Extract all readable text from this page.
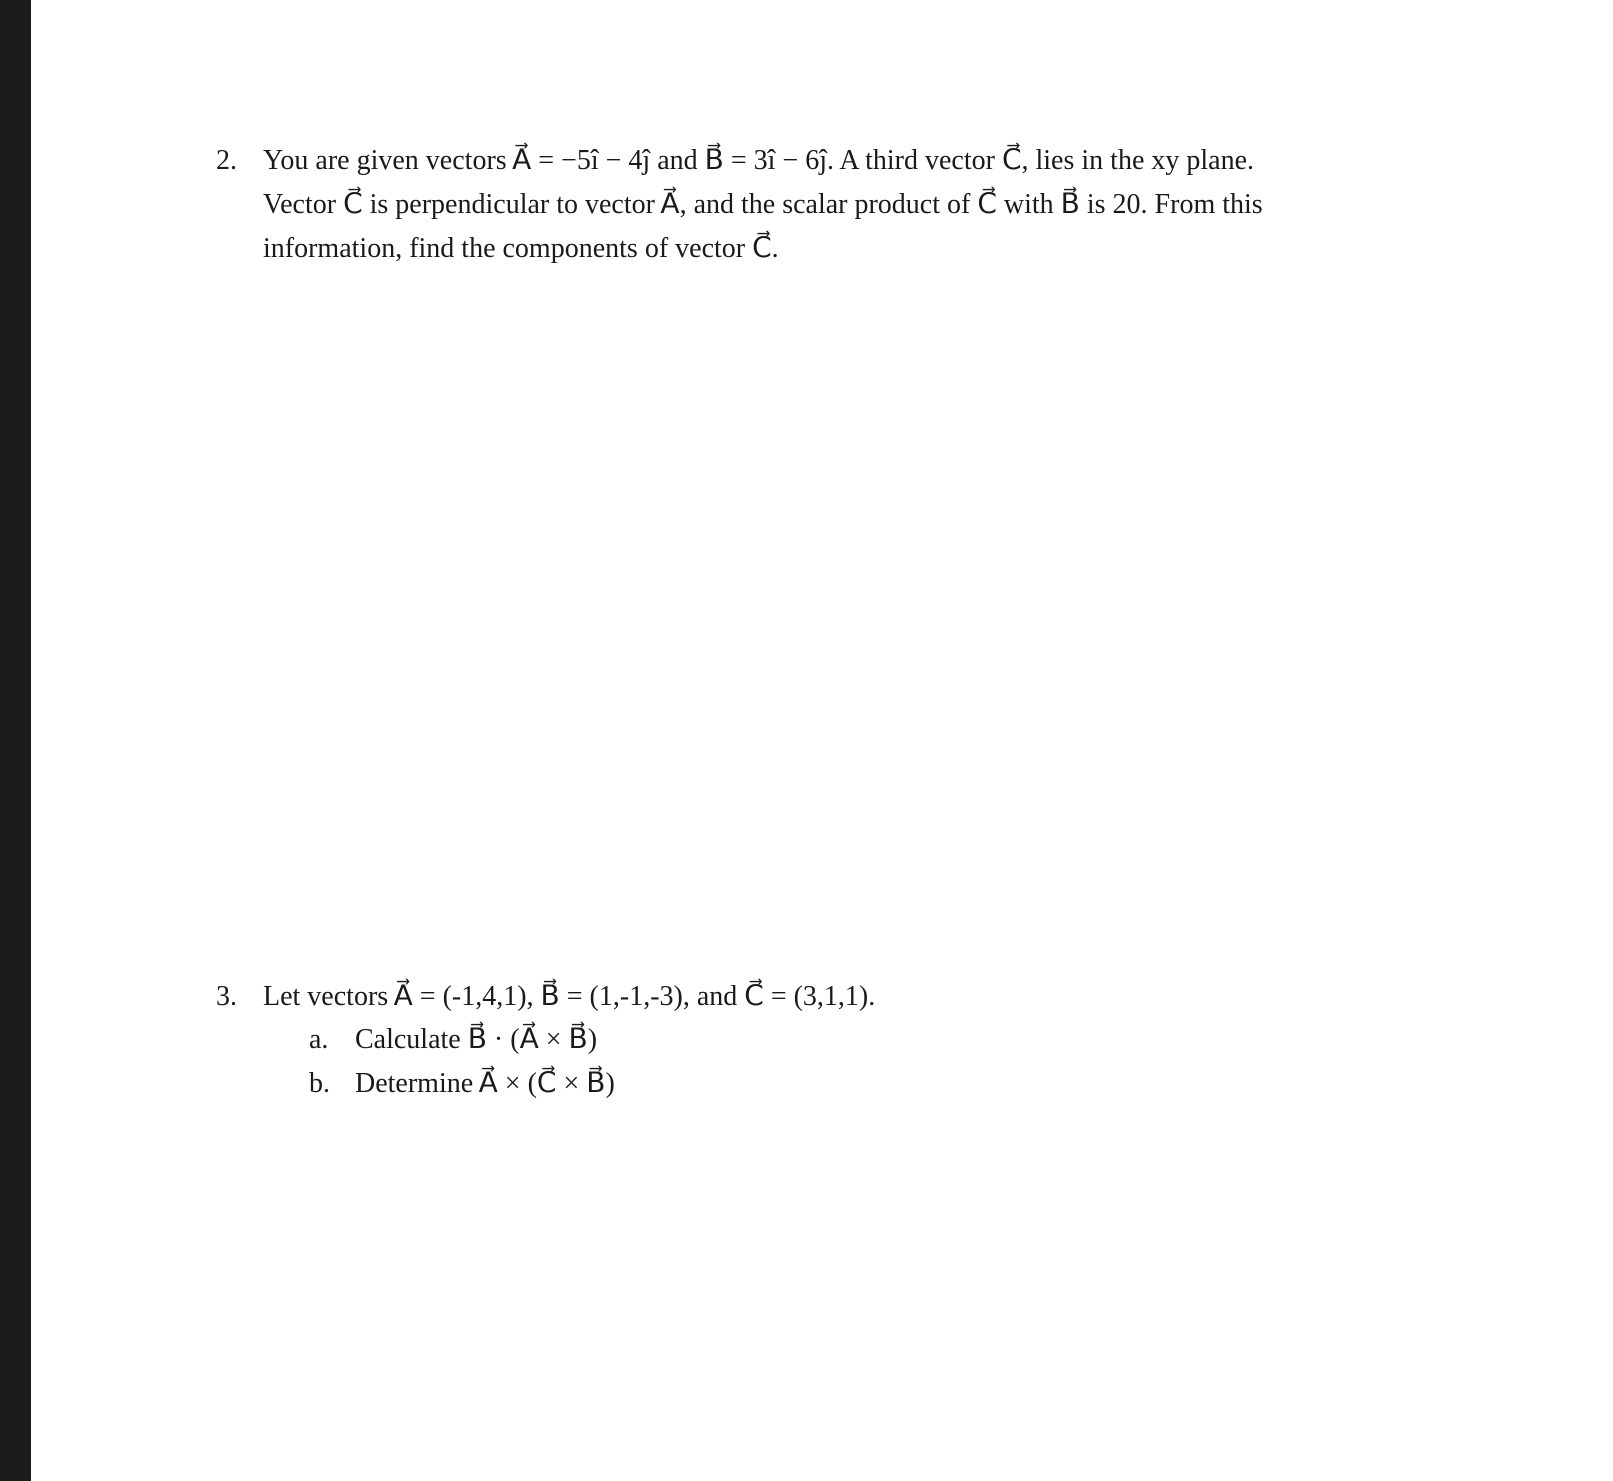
2. You are given vectors A⃗ = −5î − 4ĵ and B⃗ = 3î − 6ĵ. A third vector C⃗, lies in the xy plane.
Vector C⃗ is perpendicular to vector A⃗, and the scalar product of C⃗ with B⃗ is 20. From this
information, find the components of vector C⃗.
3. Let vectors A⃗ = (-1,4,1), B⃗ = (1,-1,-3), and C⃗ = (3,1,1).
a. Calculate B⃗ · (A⃗ × B⃗)
b. Determine A⃗ × (C⃗ × B⃗)
